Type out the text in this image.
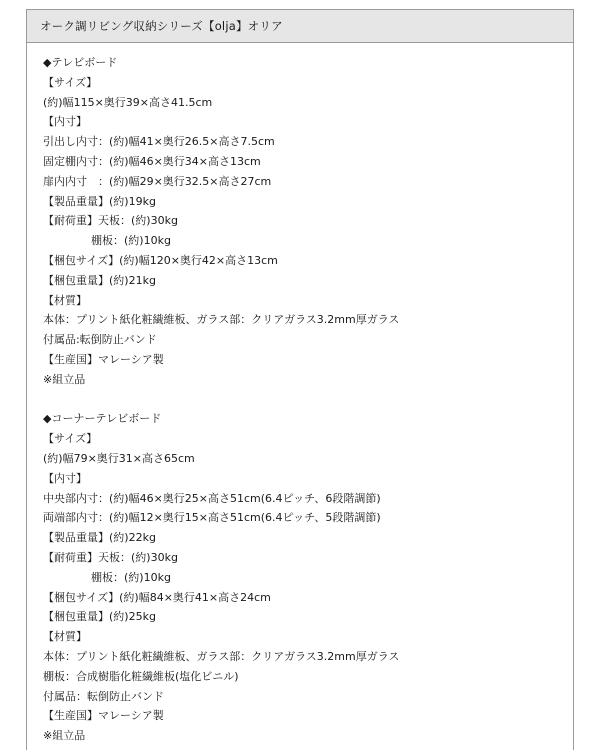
オーク調リビング収納シリーズ【olja】オリア
◆テレビボード
【サイズ】
(約)幅115×奥行39×高さ41.5cm
【内寸】
引出し内寸：(約)幅41×奥行26.5×高さ7.5cm
固定棚内寸：(約)幅46×奥行34×高さ13cm
扉内内寸　：(約)幅29×奥行32.5×高さ27cm
【製品重量】(約)19kg
【耐荷重】天板：(約)30kg
棚板：(約)10kg
【梱包サイズ】(約)幅120×奥行42×高さ13cm
【梱包重量】(約)21kg
【材質】
本体：プリント紙化粧繊維板、ガラス部：クリアガラス3.2mm厚ガラス
付属品:転倒防止バンド
【生産国】マレーシア製
※組立品
◆コーナーテレビボード
【サイズ】
(約)幅79×奥行31×高さ65cm
【内寸】
中央部内寸：(約)幅46×奥行25×高さ51cm(6.4ピッチ、6段階調節)
両端部内寸：(約)幅12×奥行15×高さ51cm(6.4ピッチ、5段階調節)
【製品重量】(約)22kg
【耐荷重】天板：(約)30kg
棚板：(約)10kg
【梱包サイズ】(約)幅84×奥行41×高さ24cm
【梱包重量】(約)25kg
【材質】
本体：プリント紙化粧繊維板、ガラス部：クリアガラス3.2mm厚ガラス
棚板：合成樹脂化粧繊維板(塩化ビニル)
付属品：転倒防止バンド
【生産国】マレーシア製
※組立品
